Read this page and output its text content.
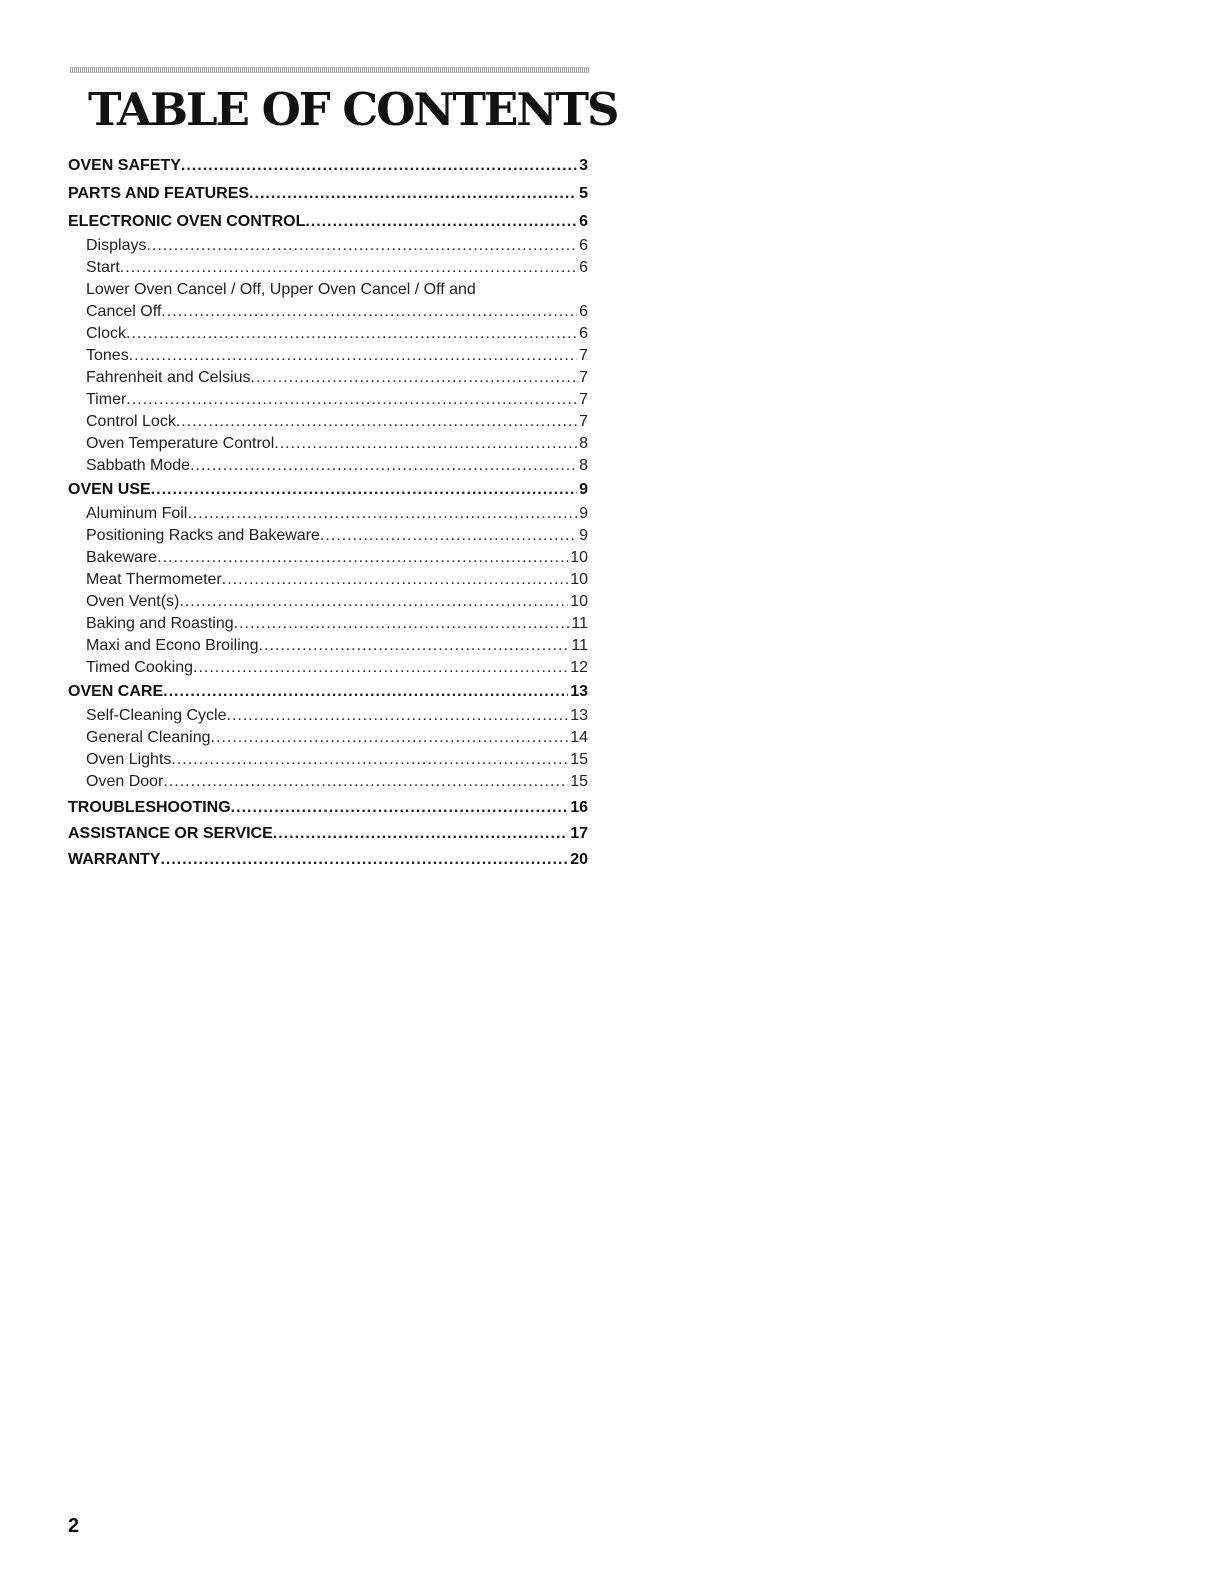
TABLE OF CONTENTS
OVEN SAFETY .....	3
PARTS AND FEATURES .....	5
ELECTRONIC OVEN CONTROL .....	6
Displays .....	6
Start .....	6
Lower Oven Cancel / Off, Upper Oven Cancel / Off and
Cancel Off .....	6
Clock .....	6
Tones .....	7
Fahrenheit and Celsius .....	7
Timer .....	7
Control Lock .....	7
Oven Temperature Control .....	8
Sabbath Mode .....	8
OVEN USE .....	9
Aluminum Foil .....	9
Positioning Racks and Bakeware .....	9
Bakeware .....	10
Meat Thermometer .....	10
Oven Vent(s) .....	10
Baking and Roasting .....	11
Maxi and Econo Broiling .....	11
Timed Cooking .....	12
OVEN CARE .....	13
Self-Cleaning Cycle .....	13
General Cleaning .....	14
Oven Lights .....	15
Oven Door .....	15
TROUBLESHOOTING .....	16
ASSISTANCE OR SERVICE .....	17
WARRANTY .....	20
2
